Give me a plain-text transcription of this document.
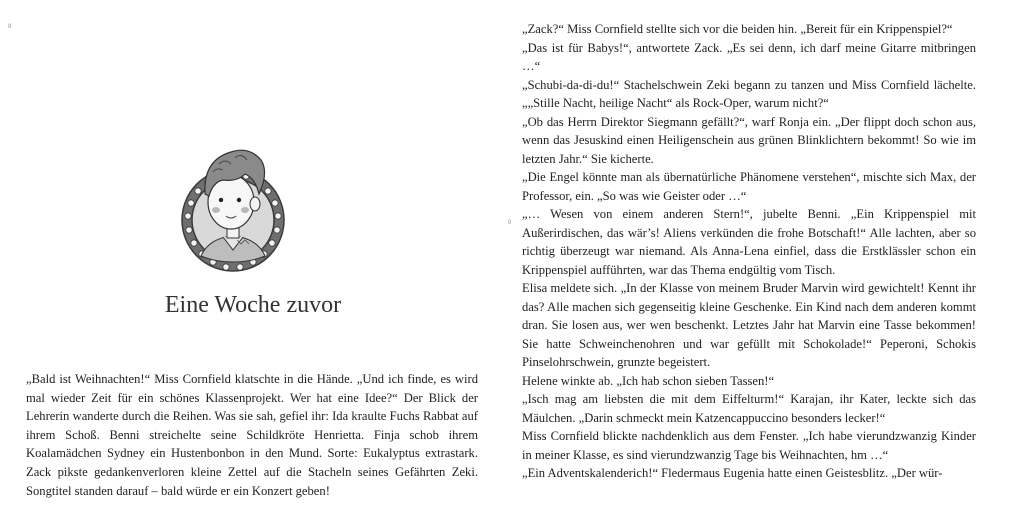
8
Eine Woche zuvor

„Bald ist Weihnachten!“ Miss Cornfield klatschte in die Hände. „Und ich finde, es wird mal wieder Zeit für ein schönes Klassenprojekt. Wer hat eine Idee?“ Der Blick der Lehrerin wanderte durch die Reihen. Was sie sah, gefiel ihr: Ida kraulte Fuchs Rabbat auf ihrem Schoß. Benni streichelte seine Schildkröte Henrietta. Finja schob ihrem Koalamädchen Sydney ein Hustenbonbon in den Mund. Sorte: Eukalyptus extrastark. Zack pikste gedankenverloren kleine Zettel auf die Stacheln seines Gefährten Zeki. Songtitel standen darauf – bald würde er ein Konzert geben!

9

„Zack?“ Miss Cornfield stellte sich vor die beiden hin. „Bereit für ein Krippenspiel?“

„Das ist für Babys!“, antwortete Zack. „Es sei denn, ich darf meine Gitarre mitbringen …“

„Schubi-da-di-du!“ Stachelschwein Zeki begann zu tanzen und Miss Cornfield lächelte. „„Stille Nacht, heilige Nacht“ als Rock-Oper, warum nicht?“

„Ob das Herrn Direktor Siegmann gefällt?“, warf Ronja ein. „Der flippt doch schon aus, wenn das Jesuskind einen Heiligenschein aus grünen Blinklichtern bekommt! So wie im letzten Jahr.“ Sie kicherte.

„Die Engel könnte man als übernatürliche Phänomene verstehen“, mischte sich Max, der Professor, ein. „So was wie Geister oder …“

„… Wesen von einem anderen Stern!“, jubelte Benni. „Ein Krippenspiel mit Außerirdischen, das wär’s! Aliens verkünden die frohe Botschaft!“ Alle lachten, aber so richtig überzeugt war niemand. Als Anna-Lena einfiel, dass die Erstklässler schon ein Krippenspiel aufführten, war das Thema endgültig vom Tisch.

Elisa meldete sich. „In der Klasse von meinem Bruder Marvin wird gewichtelt! Kennt ihr das? Alle machen sich gegenseitig kleine Geschenke. Ein Kind nach dem anderen kommt dran. Sie losen aus, wer wen beschenkt. Letztes Jahr hat Marvin eine Tasse bekommen! Sie hatte Schweinchenohren und war gefüllt mit Schokolade!“ Peperoni, Schokis Pinselohrschwein, grunzte begeistert.

Helene winkte ab. „Ich hab schon sieben Tassen!“

„Isch mag am liebsten die mit dem Eiffelturm!“ Karajan, ihr Kater, leckte sich das Mäulchen. „Darin schmeckt mein Katzencappuccino besonders lecker!“

Miss Cornfield blickte nachdenklich aus dem Fenster. „Ich habe vierundzwanzig Kinder in meiner Klasse, es sind vierundzwanzig Tage bis Weihnachten, hm …“

„Ein Adventskalenderich!“ Fledermaus Eugenia hatte einen Geistesblitz. „Der wür-
